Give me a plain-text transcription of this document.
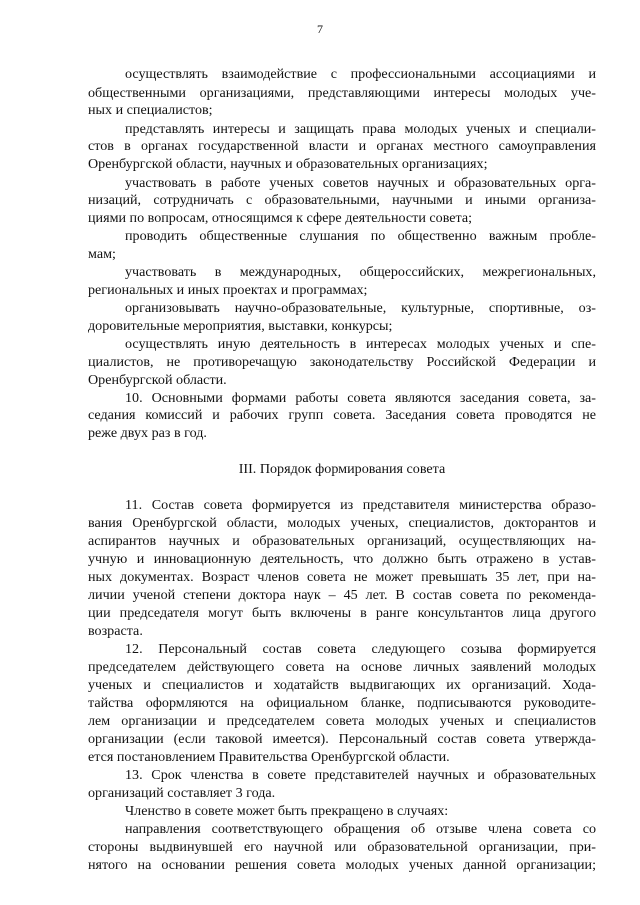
7
осуществлять взаимодействие с профессиональными ассоциациями и
общественными организациями, представляющими интересы молодых уче-
ных и специалистов;
представлять интересы и защищать права молодых ученых и специали-
стов в органах государственной власти и органах местного самоуправления
Оренбургской области, научных и образовательных организациях;
участвовать в работе ученых советов научных и образовательных орга-
низаций, сотрудничать с образовательными, научными и иными организа-
циями по вопросам, относящимся к сфере деятельности совета;
проводить общественные слушания по общественно важным пробле-
мам;
участвовать в международных, общероссийских, межрегиональных,
региональных и иных проектах и программах;
организовывать научно-образовательные, культурные, спортивные, оз-
доровительные мероприятия, выставки, конкурсы;
осуществлять иную деятельность в интересах молодых ученых и спе-
циалистов, не противоречащую законодательству Российской Федерации и
Оренбургской области.
10. Основными формами работы совета являются заседания совета, за-
седания комиссий и рабочих групп совета. Заседания совета проводятся не
реже двух раз в год.
III. Порядок формирования совета
11. Состав совета формируется из представителя министерства образо-
вания Оренбургской области, молодых ученых, специалистов, докторантов и
аспирантов научных и образовательных организаций, осуществляющих на-
учную и инновационную деятельность, что должно быть отражено в устав-
ных документах. Возраст членов совета не может превышать 35 лет, при на-
личии ученой степени доктора наук – 45 лет. В состав совета по рекоменда-
ции председателя могут быть включены в ранге консультантов лица другого
возраста.
12. Персональный состав совета следующего созыва формируется
председателем действующего совета на основе личных заявлений молодых
ученых и специалистов и ходатайств выдвигающих их организаций. Хода-
тайства оформляются на официальном бланке, подписываются руководите-
лем организации и председателем совета молодых ученых и специалистов
организации (если таковой имеется). Персональный состав совета утвержда-
ется постановлением Правительства Оренбургской области.
13. Срок членства в совете представителей научных и образовательных
организаций составляет 3 года.
Членство в совете может быть прекращено в случаях:
направления соответствующего обращения об отзыве члена совета со
стороны выдвинувшей его научной или образовательной организации, при-
нятого на основании решения совета молодых ученых данной организации;
